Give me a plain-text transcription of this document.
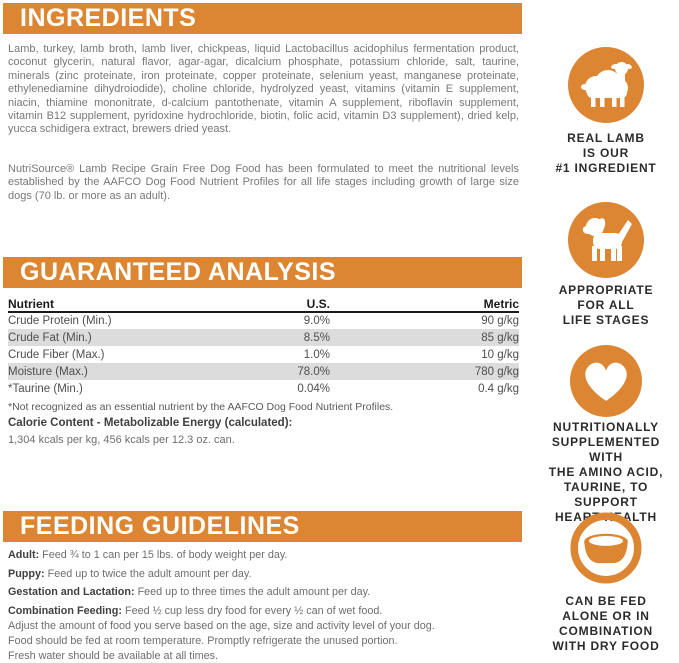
INGREDIENTS

Lamb, turkey, lamb broth, lamb liver, chickpeas, liquid Lactobacillus acidophilus fermentation product, coconut glycerin, natural flavor, agar-agar, dicalcium phosphate, potassium chloride, salt, taurine, minerals (zinc proteinate, iron proteinate, copper proteinate, selenium yeast, manganese proteinate, ethylenediamine dihydroiodide), choline chloride, hydrolyzed yeast, vitamins (vitamin E supplement, niacin, thiamine mononitrate, d-calcium pantothenate, vitamin A supplement, riboflavin supplement, vitamin B12 supplement, pyridoxine hydrochloride, biotin, folic acid, vitamin D3 supplement), dried kelp, yucca schidigera extract, brewers dried yeast.

NutriSource® Lamb Recipe Grain Free Dog Food has been formulated to meet the nutritional levels established by the AAFCO Dog Food Nutrient Profiles for all life stages including growth of large size dogs (70 lb. or more as an adult).

GUARANTEED ANALYSIS
Nutrient	U.S.	Metric
Crude Protein (Min.)	9.0%	90 g/kg
Crude Fat (Min.)	8.5%	85 g/kg
Crude Fiber (Max.)	1.0%	10 g/kg
Moisture (Max.)	78.0%	780 g/kg
*Taurine (Min.)	0.04%	0.4 g/kg

*Not recognized as an essential nutrient by the AAFCO Dog Food Nutrient Profiles.

Calorie Content - Metabolizable Energy (calculated):

1,304 kcals per kg, 456 kcals per 12.3 oz. can.

FEEDING GUIDELINES

Adult: Feed ¾ to 1 can per 15 lbs. of body weight per day.

Puppy: Feed up to twice the adult amount per day.

Gestation and Lactation: Feed up to three times the adult amount per day.

Combination Feeding: Feed ½ cup less dry food for every ½ can of wet food.

Adjust the amount of food you serve based on the age, size and activity level of your dog.

Food should be fed at room temperature. Promptly refrigerate the unused portion.

Fresh water should be available at all times.

REAL LAMB
IS OUR
#1 INGREDIENT
APPROPRIATE
FOR ALL
LIFE STAGES
NUTRITIONALLY
SUPPLEMENTED WITH
THE AMINO ACID,
TAURINE, TO SUPPORT
HEART HEALTH
CAN BE FED
ALONE OR IN
COMBINATION
WITH DRY FOOD
